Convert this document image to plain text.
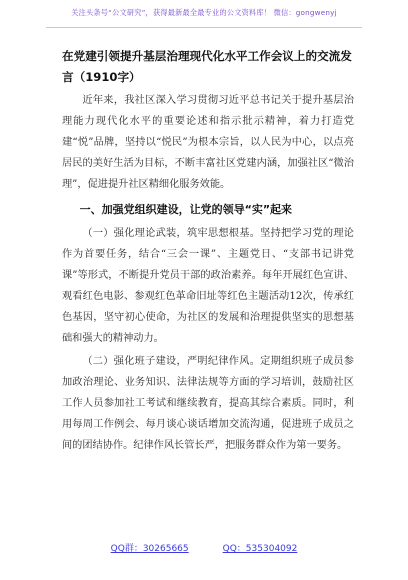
关注头条号“公文研究”，获得最新最全最专业的公文资料库！ 微信：gongwenyj
在党建引领提升基层治理现代化水平工作会议上的交流发言（1910字）

近年来，我社区深入学习贯彻习近平总书记关于提升基层治理能力现代化水平的重要论述和指示批示精神，着力打造党建“悦”品牌，坚持以“悦民”为根本宗旨，以人民为中心，以点亮居民的美好生活为目标，不断丰富社区党建内涵，加强社区“微治理”，促进提升社区精细化服务效能。

一、加强党组织建设，让党的领导“实”起来

（一）强化理论武装，筑牢思想根基。坚持把学习党的理论作为首要任务，结合“三会一课”、主题党日、“支部书记讲党课”等形式，不断提升党员干部的政治素养。每年开展红色宣讲、观看红色电影、参观红色革命旧址等红色主题活动12次，传承红色基因，坚守初心使命，为社区的发展和治理提供坚实的思想基础和强大的精神动力。

（二）强化班子建设，严明纪律作风。定期组织班子成员参加政治理论、业务知识、法律法规等方面的学习培训，鼓励社区工作人员参加社工考试和继续教育，提高其综合素质。同时，利用每周工作例会、每月谈心谈话增加交流沟通，促进班子成员之间的团结协作。纪律作风长管长严，把服务群众作为第一要务。

QQ群：30265665	QQ：535304092
